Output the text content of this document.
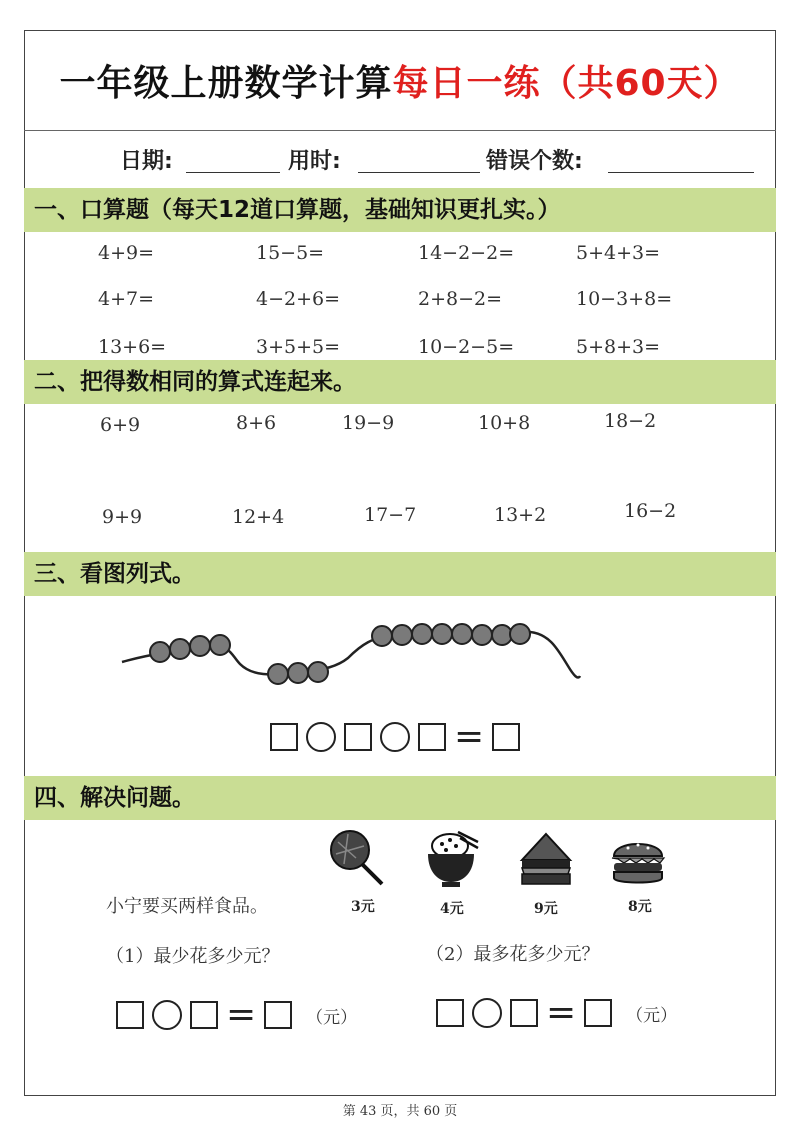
一年级上册数学计算 每日一练（共60天）
日期:	用时:	错误个数:
一、口算题（每天12道口算题，基础知识更扎实。）
4+9=	15−5=	14−2−2=	5+4+3=
4+7=	4−2+6=	2+8−2=	10−3+8=
13+6=	3+5+5=	10−2−5=	5+8+3=
二、把得数相同的算式连起来。
6+9	8+6	19−9	10+8	18−2
9+9	12+4	17−7	13+2	16−2
三、看图列式。
=
四、解决问题。
3元	4元	9元	8元
小宁要买两样食品。
（1）最少花多少元？	（2）最多花多少元？
=	（元）	=	（元）
第 43 页，共 60 页
